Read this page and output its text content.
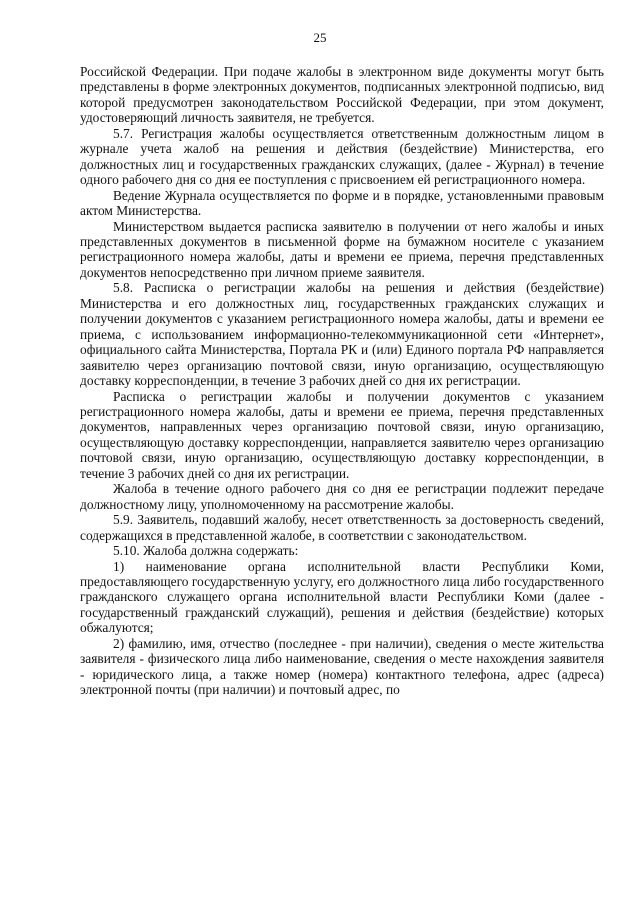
25

Российской Федерации. При подаче жалобы в электронном виде документы могут быть представлены в форме электронных документов, подписанных электронной подписью, вид которой предусмотрен законодательством Российской Федерации, при этом документ, удостоверяющий личность заявителя, не требуется.

5.7. Регистрация жалобы осуществляется ответственным должностным лицом в журнале учета жалоб на решения и действия (бездействие) Министерства, его должностных лиц и государственных гражданских служащих, (далее - Журнал) в течение одного рабочего дня со дня ее поступления с присвоением ей регистрационного номера.

Ведение Журнала осуществляется по форме и в порядке, установленными правовым актом Министерства.

Министерством выдается расписка заявителю в получении от него жалобы и иных представленных документов в письменной форме на бумажном носителе с указанием регистрационного номера жалобы, даты и времени ее приема, перечня представленных документов непосредственно при личном приеме заявителя.

5.8. Расписка о регистрации жалобы на решения и действия (бездействие) Министерства и его должностных лиц, государственных гражданских служащих и получении документов с указанием регистрационного номера жалобы, даты и времени ее приема, с использованием информационно-телекоммуникационной сети «Интернет», официального сайта Министерства, Портала РК и (или) Единого портала РФ направляется заявителю через организацию почтовой связи, иную организацию, осуществляющую доставку корреспонденции, в течение 3 рабочих дней со дня их регистрации.

Расписка о регистрации жалобы и получении документов с указанием регистрационного номера жалобы, даты и времени ее приема, перечня представленных документов, направленных через организацию почтовой связи, иную организацию, осуществляющую доставку корреспонденции, направляется заявителю через организацию почтовой связи, иную организацию, осуществляющую доставку корреспонденции, в течение 3 рабочих дней со дня их регистрации.

Жалоба в течение одного рабочего дня со дня ее регистрации подлежит передаче должностному лицу, уполномоченному на рассмотрение жалобы.

5.9. Заявитель, подавший жалобу, несет ответственность за достоверность сведений, содержащихся в представленной жалобе, в соответствии с законодательством.

5.10. Жалоба должна содержать:

1) наименование органа исполнительной власти Республики Коми, предоставляющего государственную услугу, его должностного лица либо государственного гражданского служащего органа исполнительной власти Республики Коми (далее - государственный гражданский служащий), решения и действия (бездействие) которых обжалуются;

2) фамилию, имя, отчество (последнее - при наличии), сведения о месте жительства заявителя - физического лица либо наименование, сведения о месте нахождения заявителя - юридического лица, а также номер (номера) контактного телефона, адрес (адреса) электронной почты (при наличии) и почтовый адрес, по
